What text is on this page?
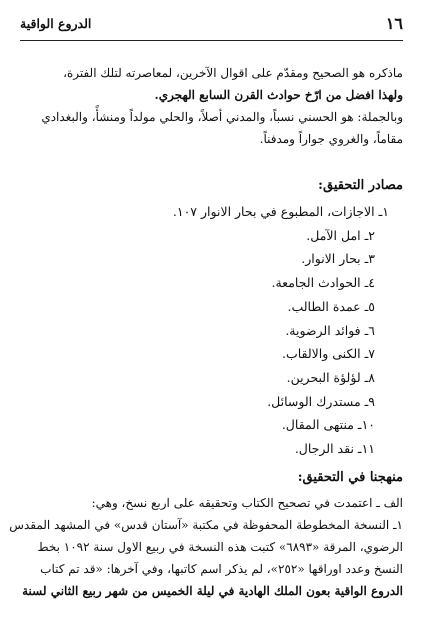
١٦
الدروع الواقية
ماذكره هو الصحيح ومقدّم على اقوال الآخرين، لمعاصرته لتلك الفترة،
ولهذا افضل من ارّخ حوادث القرن السابع الهجري.
وبالجملة: هو الحسني نسباً، والمدني أصلاً، والحلي مولداً ومنشأً، والبغدادي
مقاماً، والغروي جواراً ومدفناً.
مصادر التحقيق:
١ـ الاجازات، المطبوع في بحار الانوار ١٠٧.
٢ـ امل الآمل.
٣ـ بحار الانوار.
٤ـ الحوادث الجامعة.
٥ـ عمدة الطالب.
٦ـ فوائد الرضوية.
٧ـ الكنى والالقاب.
٨ـ لؤلؤة البحرين.
٩ـ مستدرك الوسائل.
١٠ـ منتهى المقال.
١١ـ نقد الرجال.
منهجنا في التحقيق:
الف ـ اعتمدت في تصحيح الكتاب وتحقيقه على اربع نسخ، وهي:
١ـ النسخة المخطوطة المحفوظة في مكتبة «آستان قدس» في المشهد المقدس
الرضوي، المرقة «٦٨٩٣» كتبت هذه النسخة في ربيع الاول سنة ١٠٩٢ بخط
النسخ وعدد اوراقها «٢٥٢»، لم يذكر اسم كاتبها، وفي آخرها: «قد تم كتاب
الدروع الواقية بعون الملك الهادية في ليلة الخميس من شهر ربيع الثاني لسنة
